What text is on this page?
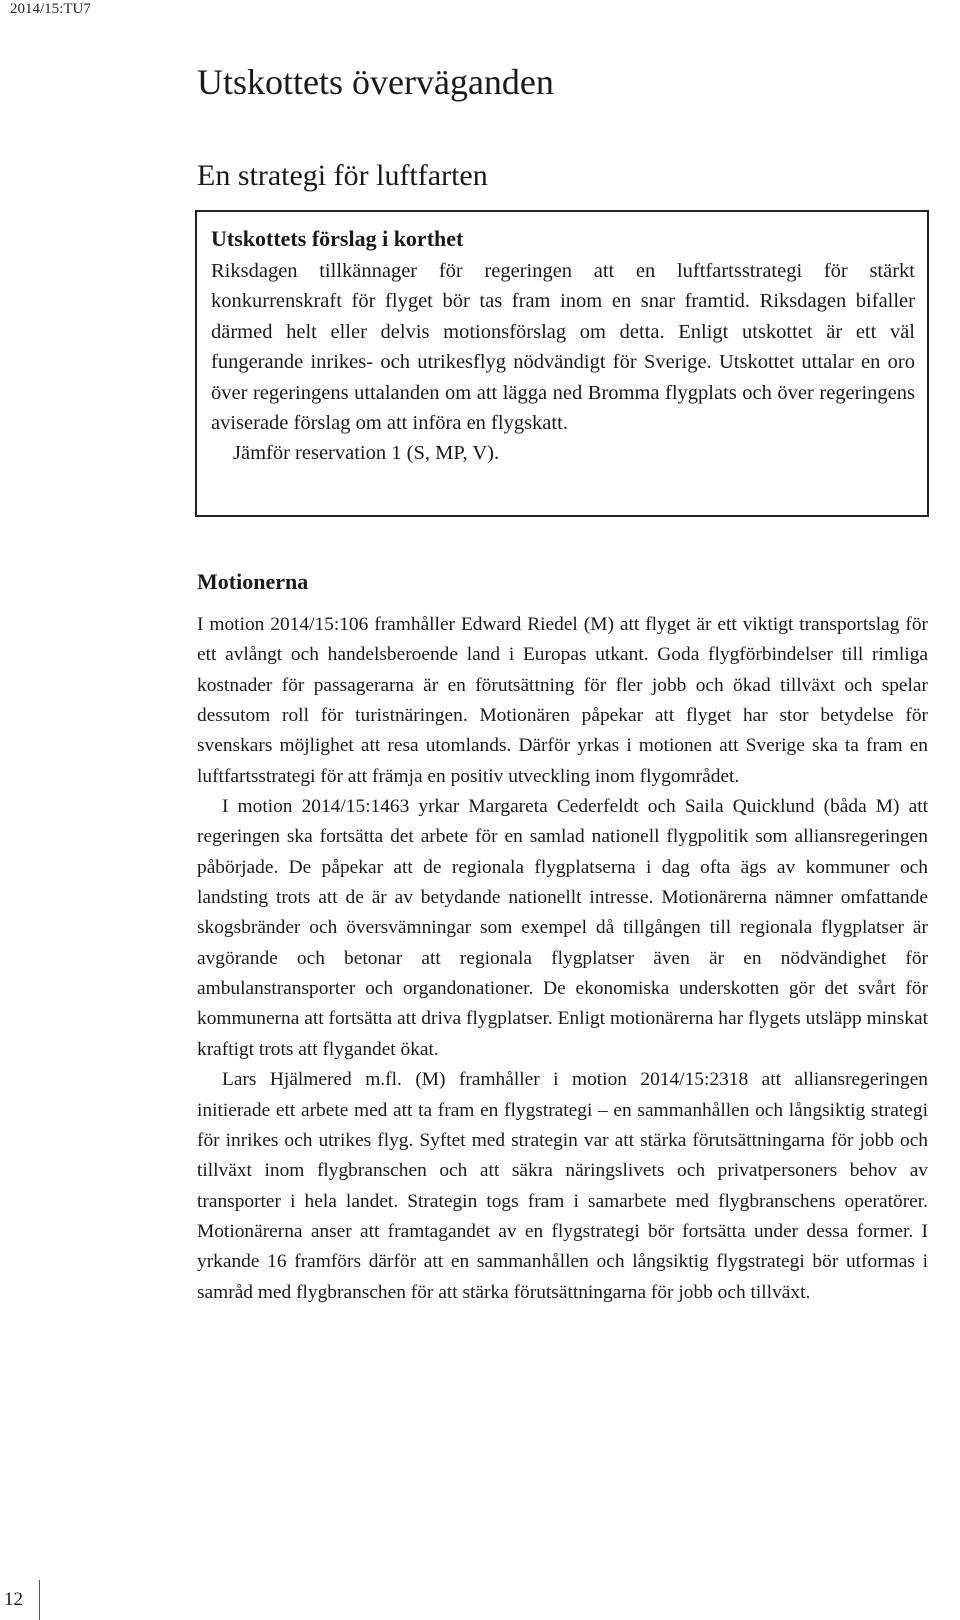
2014/15:TU7
Utskottets överväganden
En strategi för luftfarten
Utskottets förslag i korthet

Riksdagen tillkännager för regeringen att en luftfartsstrategi för stärkt konkurrenskraft för flyget bör tas fram inom en snar framtid. Riksdagen bifaller därmed helt eller delvis motionsförslag om detta. Enligt utskottet är ett väl fungerande inrikes- och utrikesflyg nödvändigt för Sverige. Utskottet uttalar en oro över regeringens uttalanden om att lägga ned Bromma flygplats och över regeringens aviserade förslag om att införa en flygskatt.

Jämför reservation 1 (S, MP, V).

Motionerna

I motion 2014/15:106 framhåller Edward Riedel (M) att flyget är ett viktigt transportslag för ett avlångt och handelsberoende land i Europas utkant. Goda flygförbindelser till rimliga kostnader för passagerarna är en förutsättning för fler jobb och ökad tillväxt och spelar dessutom roll för turistnäringen. Motionären påpekar att flyget har stor betydelse för svenskars möjlighet att resa utomlands. Därför yrkas i motionen att Sverige ska ta fram en luftfartsstrategi för att främja en positiv utveckling inom flygområdet.

I motion 2014/15:1463 yrkar Margareta Cederfeldt och Saila Quicklund (båda M) att regeringen ska fortsätta det arbete för en samlad nationell flygpolitik som alliansregeringen påbörjade. De påpekar att de regionala flygplatserna i dag ofta ägs av kommuner och landsting trots att de är av betydande nationellt intresse. Motionärerna nämner omfattande skogsbränder och översvämningar som exempel då tillgången till regionala flygplatser är avgörande och betonar att regionala flygplatser även är en nödvändighet för ambulanstransporter och organdonationer. De ekonomiska underskotten gör det svårt för kommunerna att fortsätta att driva flygplatser. Enligt motionärerna har flygets utsläpp minskat kraftigt trots att flygandet ökat.

Lars Hjälmered m.fl. (M) framhåller i motion 2014/15:2318 att alliansregeringen initierade ett arbete med att ta fram en flygstrategi – en sammanhållen och långsiktig strategi för inrikes och utrikes flyg. Syftet med strategin var att stärka förutsättningarna för jobb och tillväxt inom flygbranschen och att säkra näringslivets och privatpersoners behov av transporter i hela landet. Strategin togs fram i samarbete med flygbranschens operatörer. Motionärerna anser att framtagandet av en flygstrategi bör fortsätta under dessa former. I yrkande 16 framförs därför att en sammanhållen och långsiktig flygstrategi bör utformas i samråd med flygbranschen för att stärka förutsättningarna för jobb och tillväxt.

12
